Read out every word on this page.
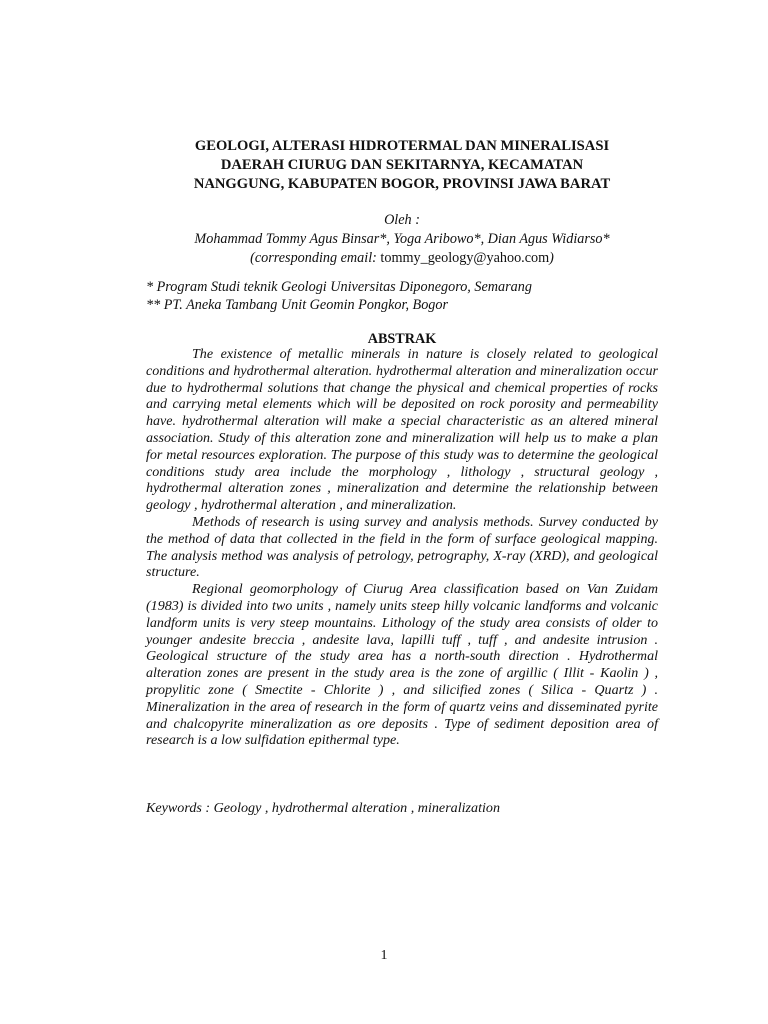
GEOLOGI, ALTERASI HIDROTERMAL DAN MINERALISASI
DAERAH CIURUG DAN SEKITARNYA, KECAMATAN
NANGGUNG, KABUPATEN BOGOR, PROVINSI JAWA BARAT
Oleh :
Mohammad Tommy Agus Binsar*, Yoga Aribowo*, Dian Agus Widiarso*
(corresponding email: tommy_geology@yahoo.com)
* Program Studi teknik Geologi Universitas Diponegoro, Semarang
** PT. Aneka Tambang Unit Geomin Pongkor, Bogor
ABSTRAK

The existence of metallic minerals in nature is closely related to geological conditions and hydrothermal alteration. hydrothermal alteration and mineralization occur due to hydrothermal solutions that change the physical and chemical properties of rocks and carrying metal elements which will be deposited on rock porosity and permeability have. hydrothermal alteration will make a special characteristic as an altered mineral association. Study of this alteration zone and mineralization will help us to make a plan for metal resources exploration. The purpose of this study was to determine the geological conditions study area include the morphology , lithology , structural geology , hydrothermal alteration zones , mineralization and determine the relationship between geology , hydrothermal alteration , and mineralization.

Methods of research is using survey and analysis methods. Survey conducted by the method of data that collected in the field in the form of surface geological mapping. The analysis method was analysis of petrology, petrography, X-ray (XRD), and geological structure.

Regional geomorphology of Ciurug Area classification based on Van Zuidam (1983) is divided into two units , namely units steep hilly volcanic landforms and volcanic landform units is very steep mountains. Lithology of the study area consists of older to younger andesite breccia , andesite lava, lapilli tuff , tuff , and andesite intrusion . Geological structure of the study area has a north-south direction . Hydrothermal alteration zones are present in the study area is the zone of argillic ( Illit - Kaolin ) , propylitic zone ( Smectite - Chlorite ) , and silicified zones ( Silica - Quartz ) . Mineralization in the area of research in the form of quartz veins and disseminated pyrite and chalcopyrite mineralization as ore deposits . Type of sediment deposition area of research is a low sulfidation epithermal type.

Keywords : Geology , hydrothermal alteration , mineralization
1
